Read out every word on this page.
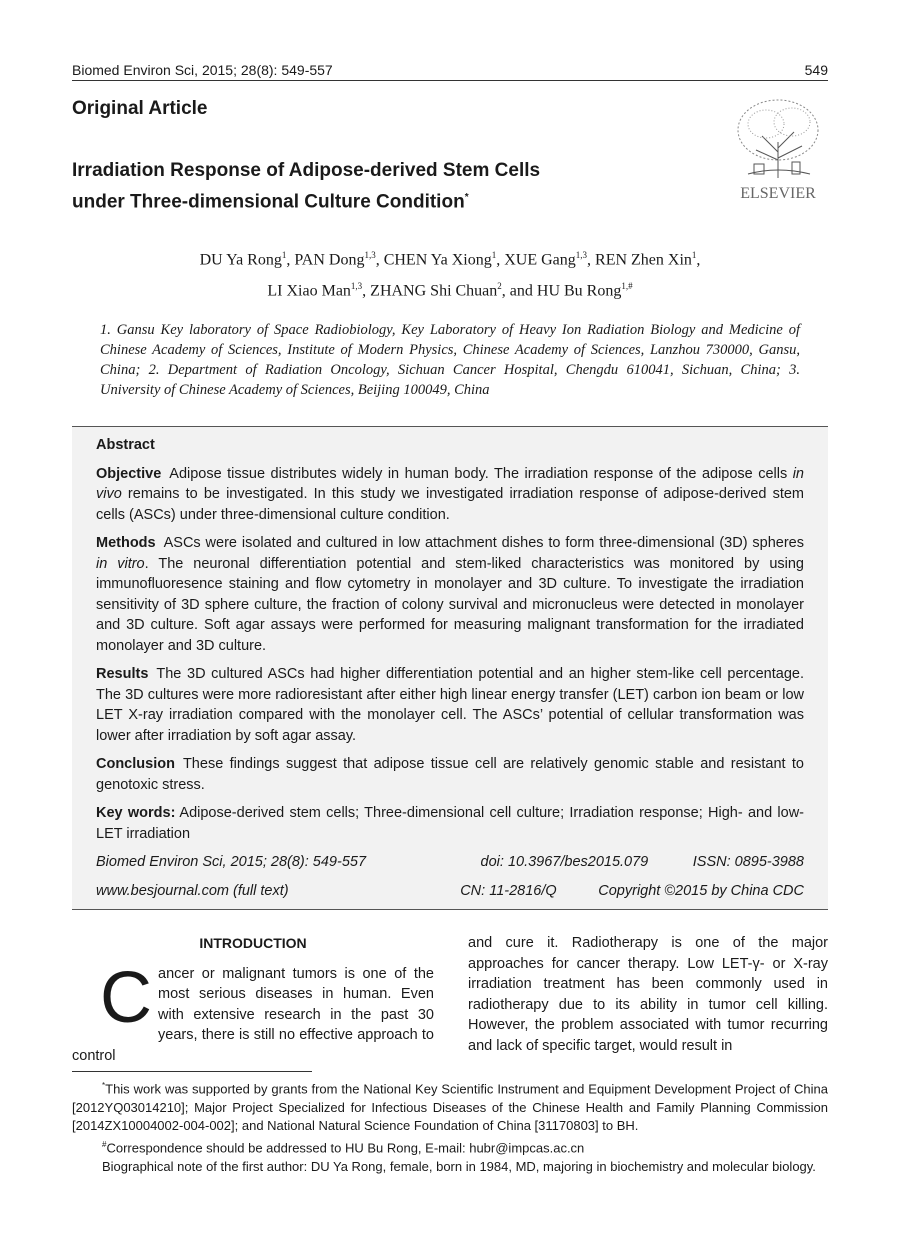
Biomed Environ Sci, 2015; 28(8): 549-557	549
Original Article
Irradiation Response of Adipose-derived Stem Cells
under Three-dimensional Culture Condition*	ELSEVIER
DU Ya Rong$^1$, PAN Dong$^{1,3}$, CHEN Ya Xiong$^1$, XUE Gang$^{1,3}$, REN Zhen Xin$^1$,
LI Xiao Man$^{1,3}$, ZHANG Shi Chuan$^2$, and HU Bu Rong$^{1,\#}$
1. Gansu Key laboratory of Space Radiobiology, Key Laboratory of Heavy Ion Radiation Biology and Medicine of Chinese Academy of Sciences, Institute of Modern Physics, Chinese Academy of Sciences, Lanzhou 730000, Gansu, China; 2. Department of Radiation Oncology, Sichuan Cancer Hospital, Chengdu 610041, Sichuan, China; 3. University of Chinese Academy of Sciences, Beijing 100049, China
Abstract
Objective Adipose tissue distributes widely in human body. The irradiation response of the adipose cells in vivo remains to be investigated. In this study we investigated irradiation response of adipose-derived stem cells (ASCs) under three-dimensional culture condition.
Methods ASCs were isolated and cultured in low attachment dishes to form three-dimensional (3D) spheres in vitro. The neuronal differentiation potential and stem-liked characteristics was monitored by using immunofluoresence staining and flow cytometry in monolayer and 3D culture. To investigate the irradiation sensitivity of 3D sphere culture, the fraction of colony survival and micronucleus were detected in monolayer and 3D culture. Soft agar assays were performed for measuring malignant transformation for the irradiated monolayer and 3D culture.
Results The 3D cultured ASCs had higher differentiation potential and an higher stem-like cell percentage. The 3D cultures were more radioresistant after either high linear energy transfer (LET) carbon ion beam or low LET X-ray irradiation compared with the monolayer cell. The ASCs’ potential of cellular transformation was lower after irradiation by soft agar assay.
Conclusion These findings suggest that adipose tissue cell are relatively genomic stable and resistant to genotoxic stress.
Key words: Adipose-derived stem cells; Three-dimensional cell culture; Irradiation response; High- and low-LET irradiation
Biomed Environ Sci, 2015; 28(8): 549-557	doi: 10.3967/bes2015.079	ISSN: 0895-3988
www.besjournal.com (full text)	CN: 11-2816/Q	Copyright ©2015 by China CDC
INTRODUCTION
C ancer or malignant tumors is one of the most serious diseases in human. Even with extensive research in the past 30 years, there is still no effective approach to control
and cure it. Radiotherapy is one of the major approaches for cancer therapy. Low LET-γ- or X-ray irradiation treatment has been commonly used in radiotherapy due to its ability in tumor cell killing. However, the problem associated with tumor recurring and lack of specific target, would result in

*This work was supported by grants from the National Key Scientific Instrument and Equipment Development Project of China [2012YQ03014210]; Major Project Specialized for Infectious Diseases of the Chinese Health and Family Planning Commission [2014ZX10004002-004-002]; and National Natural Science Foundation of China [31170803] to BH.

#Correspondence should be addressed to HU Bu Rong, E-mail: hubr@impcas.ac.cn

Biographical note of the first author: DU Ya Rong, female, born in 1984, MD, majoring in biochemistry and molecular biology.
